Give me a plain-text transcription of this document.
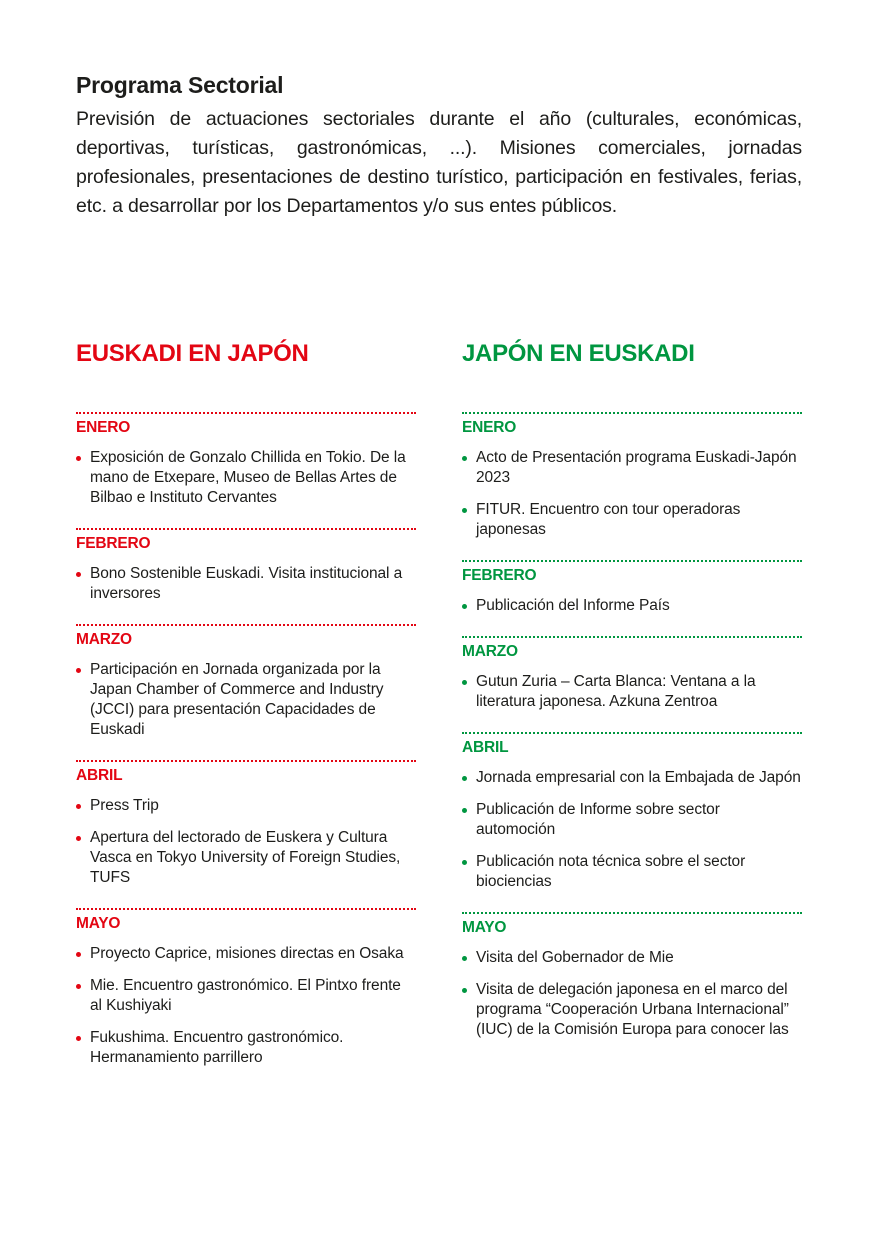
Programa Sectorial

Previsión de actuaciones sectoriales durante el año (culturales, económicas, deportivas, turísticas, gastronómicas, ...). Misiones comerciales, jornadas profesionales, presentaciones de destino turístico, participación en festivales, ferias, etc. a desarrollar por los Departamentos y/o sus entes públicos.

EUSKADI EN JAPÓN
ENERO
Exposición de Gonzalo Chillida en Tokio. De la mano de Etxepare, Museo de Bellas Artes de Bilbao e Instituto Cervantes
FEBRERO
Bono Sostenible Euskadi. Visita institucional a inversores
MARZO
Participación en Jornada organizada por la Japan Chamber of Commerce and Industry (JCCI) para presentación Capacidades de Euskadi
ABRIL
Press Trip
Apertura del lectorado de Euskera y Cultura Vasca en Tokyo University of Foreign Studies, TUFS
MAYO
Proyecto Caprice, misiones directas en Osaka
Mie. Encuentro gastronómico. El Pintxo frente al Kushiyaki
Fukushima. Encuentro gastronómico. Hermanamiento parrillero
JAPÓN EN EUSKADI
ENERO
Acto de Presentación programa Euskadi-Japón 2023
FITUR. Encuentro con tour operadoras japonesas
FEBRERO
Publicación del Informe País
MARZO
Gutun Zuria – Carta Blanca: Ventana a la literatura japonesa. Azkuna Zentroa
ABRIL
Jornada empresarial con la Embajada de Japón
Publicación de Informe sobre sector automoción
Publicación nota técnica sobre el sector biociencias
MAYO
Visita del Gobernador de Mie
Visita de delegación japonesa en el marco del programa “Cooperación Urbana Internacional” (IUC) de la Comisión Europa para conocer las
